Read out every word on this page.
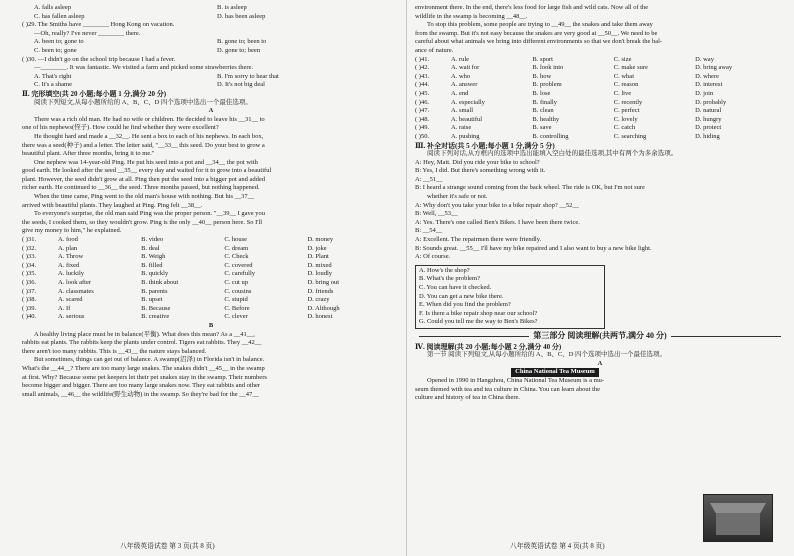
A. falls asleep	B. is asleep
C. has fallen asleep	D. has been asleep
( )29. The Smiths have ________ Hong Kong on vacation.
—Oh, really? I've never ________ there.
A. been to; gone to	B. gone to; been to
C. been to; gone	D. gone to; been
( )30. —I didn't go on the school trip because I had a fever.
—________. It was fantastic. We visited a farm and picked some strawberries there.
A. That's right	B. I'm sorry to hear that
C. It's a shame	D. It's not big deal
Ⅱ. 完形填空(共 20 小题;每小题 1 分,满分 20 分)
阅读下列短文,从每小题所给的 A、B、C、D 四个选项中选出一个最佳选项。
A
There was a rich old man. He had no wife or children. He decided to leave his __31__ to
one of his nephews(侄子). How could he find whether they were excellent?
He thought hard and made a __32__. He sent a box to each of his nephews. In each box,
there was a seed(种子) and a letter. The letter said, "__33__ this seed. Do your best to grow a
beautiful plant. After three months, bring it to me."
One nephew was 14-year-old Ping. He put his seed into a pot and __34__ the pot with
good earth. He looked after the seed __35__ every day and waited for it to grow into a beautiful
plant. However, the seed didn't grow at all. Ping then put the seed into a bigger pot and added
richer earth. He continued to __36__ the seed. Three months passed, but nothing happened.
When the time came, Ping went to the old man's house with nothing. But his __37__
arrived with beautiful plants. They laughed at Ping. Ping felt __38__.
To everyone's surprise, the old man said Ping was the proper person. "__39__ I gave you
the seeds, I cooked them, so they wouldn't grow. Ping is the only __40__ person here. So I'll
give my money to him," he explained.
( )31.	A. food	B. video	C. house	D. money
( )32.	A. plan	B. deal	C. dream	D. joke
( )33.	A. Throw	B. Weigh	C. Check	D. Plant
( )34.	A. fixed	B. filled	C. covered	D. mixed
( )35.	A. luckily	B. quickly	C. carefully	D. loudly
( )36.	A. look after	B. think about	C. cut up	D. bring out
( )37.	A. classmates	B. parents	C. cousins	D. friends
( )38.	A. scared	B. upset	C. stupid	D. crazy
( )39.	A. If	B. Because	C. Before	D. Although
( )40.	A. serious	B. creative	C. clever	D. honest
B
A healthy living place must be in balance(平衡). What does this mean? As a __41__,
rabbits eat plants. The rabbits keep the plants under control. Tigers eat rabbits. They __42__
there aren't too many rabbits. This is __43__ the nature stays balanced.
But sometimes, things can get out of balance. A swamp(沼泽) in Florida isn't in balance.
What's the __44__? There are too many large snakes. The snakes didn't __45__ in the swamp
at first. Why? Because some pet keepers let their pet snakes stay in the swamp. Their numbers
become bigger and bigger. There are too many large snakes now. They eat rabbits and other
small animals, __46__ the wildlife(野生动物) in the swamp. So they're bad for the __47__
八年级英语试卷 第 3 页(共 8 页)
environment there. In the end, there's less food for large fish and wild cats. Now all of the
wildlife in the swamp is becoming __48__.
To stop this problem, some people are trying to __49__ the snakes and take them away
from the swamp. But it's not easy because the snakes are very good at __50__. We need to be
careful about what animals we bring into different environments so that we don't break the bal-
ance of nature.
( )41.	A. rule	B. sport	C. size	D. way
( )42.	A. wait for	B. look into	C. make sure	D. bring away
( )43.	A. who	B. how	C. what	D. where
( )44.	A. answer	B. problem	C. reason	D. interest
( )45.	A. end	B. lose	C. live	D. join
( )46.	A. especially	B. finally	C. recently	D. probably
( )47.	A. small	B. clean	C. perfect	D. natural
( )48.	A. beautiful	B. healthy	C. lovely	D. hungry
( )49.	A. raise	B. save	C. catch	D. protect
( )50.	A. pushing	B. controlling	C. searching	D. hiding
Ⅲ. 补全对话(共 5 小题;每小题 1 分,满分 5 分)
阅读下列对话,从方框内的选项中选出能填入空白处的最佳选项,其中有两个为多余选项。
A: Hey, Matt. Did you ride your bike to school?
B: Yes, I did. But there's something wrong with it.
A: __51__
B: I heard a strange sound coming from the back wheel. The ride is OK, but I'm not sure
whether it's safe or not.
A: Why don't you take your bike to a bike repair shop? __52__
B: Well, __53__
A: Yes. There's one called Ben's Bikes. I have been there twice.
B: __54__
A: Excellent. The repairmen there were friendly.
B: Sounds great. __55__ I'll have my bike repaired and I also want to buy a new bike light.
A: Of course.
A. How's the shop?
B. What's the problem?
C. You can have it checked.
D. You can get a new bike there.
E. When did you find the problem?
F. Is there a bike repair shop near our school?
G. Could you tell me the way to Ben's Bikes?
第三部分 阅读理解(共两节,满分 40 分)
Ⅳ. 阅读理解(共 20 小题;每小题 2 分,满分 40 分)
第一节 阅读下列短文,从每小题所给的 A、B、C、D 四个选项中选出一个最佳选项。
A
China National Tea Museum
Opened in 1990 in Hangzhou, China National Tea Museum is a mu-
seum themed with tea and tea culture in China. You can learn about the
culture and history of tea in China there.
八年级英语试卷 第 4 页(共 8 页)
